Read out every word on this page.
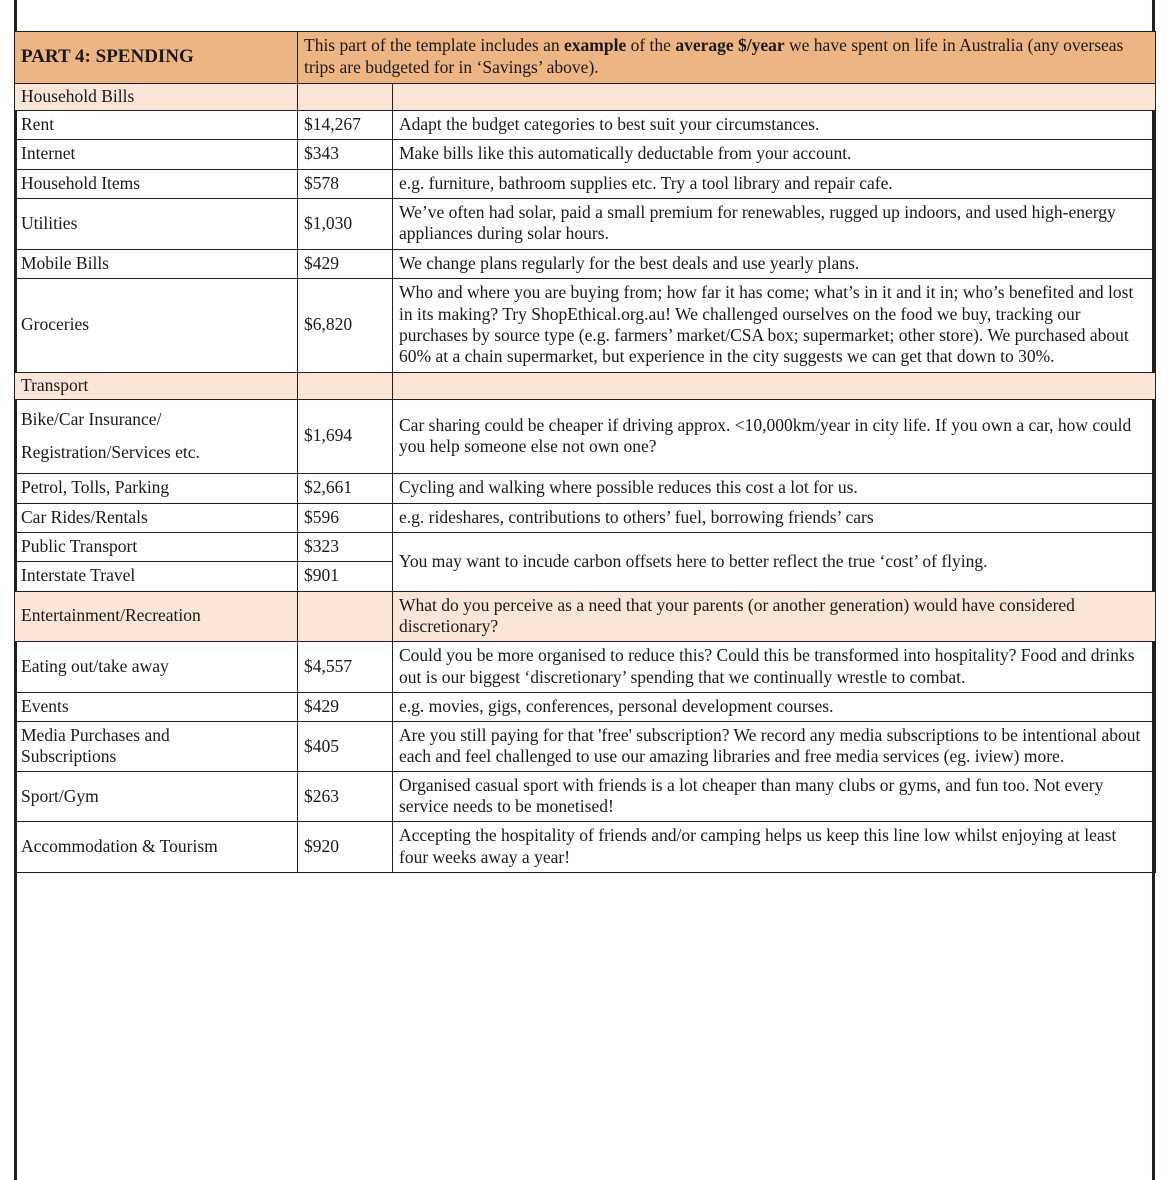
PART 4: SPENDING	This part of the template includes an example of the average $/year we have spent on life in Australia (any overseas trips are budgeted for in ‘Savings’ above).	
Household Bills		
Rent	$14,267	Adapt the budget categories to best suit your circumstances.
Internet	$343	Make bills like this automatically deductable from your account.
Household Items	$578	e.g. furniture, bathroom supplies etc. Try a tool library and repair cafe.
Utilities	$1,030	We’ve often had solar, paid a small premium for renewables, rugged up indoors, and used high-energy appliances during solar hours.
Mobile Bills	$429	We change plans regularly for the best deals and use yearly plans.
Groceries	$6,820	Who and where you are buying from; how far it has come; what’s in it and it in; who’s benefited and lost in its making? Try ShopEthical.org.au! We challenged ourselves on the food we buy, tracking our purchases by source type (e.g. farmers’ market/CSA box; supermarket; other store). We purchased about 60% at a chain supermarket, but experience in the city suggests we can get that down to 30%.
Transport		

Bike/Car Insurance/
Registration/Services etc.	$1,694	Car sharing could be cheaper if driving approx. <10,000km/year in city life. If you own a car, how could you help someone else not own one?
Petrol, Tolls, Parking	$2,661	Cycling and walking where possible reduces this cost a lot for us.
Car Rides/Rentals	$596	e.g. rideshares, contributions to others’ fuel, borrowing friends’ cars
Public Transport	$323	You may want to incude carbon offsets here to better reflect the true ‘cost’ of flying.
Interstate Travel	$901	
Entertainment/Recreation		What do you perceive as a need that your parents (or another generation) would have considered discretionary?
Eating out/take away	$4,557	Could you be more organised to reduce this? Could this be transformed into hospitality? Food and drinks out is our biggest ‘discretionary’ spending that we continually wrestle to combat.
Events	$429	e.g. movies, gigs, conferences, personal development courses.

Media Purchases and
Subscriptions	$405	Are you still paying for that 'free' subscription? We record any media subscriptions to be intentional about each and feel challenged to use our amazing libraries and free media services (eg. iview) more.
Sport/Gym	$263	Organised casual sport with friends is a lot cheaper than many clubs or gyms, and fun too. Not every service needs to be monetised!
Accommodation & Tourism	$920	Accepting the hospitality of friends and/or camping helps us keep this line low whilst enjoying at least four weeks away a year!
